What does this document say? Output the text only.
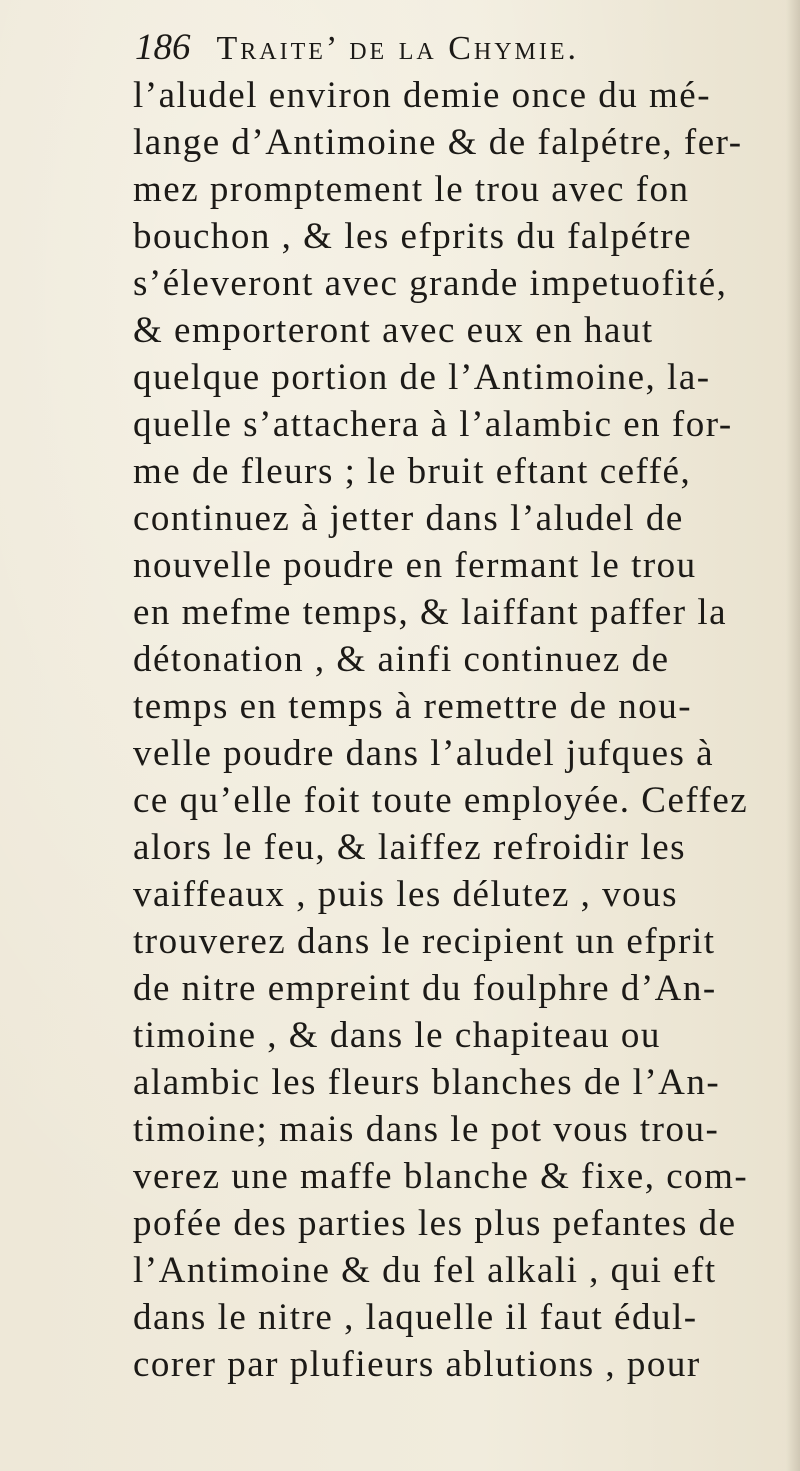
186 Traite’ de la Chymie.
l’aludel environ demie once du mé-
lange d’Antimoine & de falpétre, fer-
mez promptement le trou avec fon
bouchon , & les efprits du falpétre
s’éleveront avec grande impetuofité,
& emporteront avec eux en haut
quelque portion de l’Antimoine, la-
quelle s’attachera à l’alambic en for-
me de fleurs ; le bruit eftant ceffé,
continuez à jetter dans l’aludel de
nouvelle poudre en fermant le trou
en mefme temps, & laiffant paffer la
détonation , & ainfi continuez de
temps en temps à remettre de nou-
velle poudre dans l’aludel jufques à
ce qu’elle foit toute employée. Ceffez
alors le feu, & laiffez refroidir les
vaiffeaux , puis les délutez , vous
trouverez dans le recipient un efprit
de nitre empreint du foulphre d’An-
timoine , & dans le chapiteau ou
alambic les fleurs blanches de l’An-
timoine; mais dans le pot vous trou-
verez une maffe blanche & fixe, com-
pofée des parties les plus pefantes de
l’Antimoine & du fel alkali , qui eft
dans le nitre , laquelle il faut édul-
corer par plufieurs ablutions , pour
